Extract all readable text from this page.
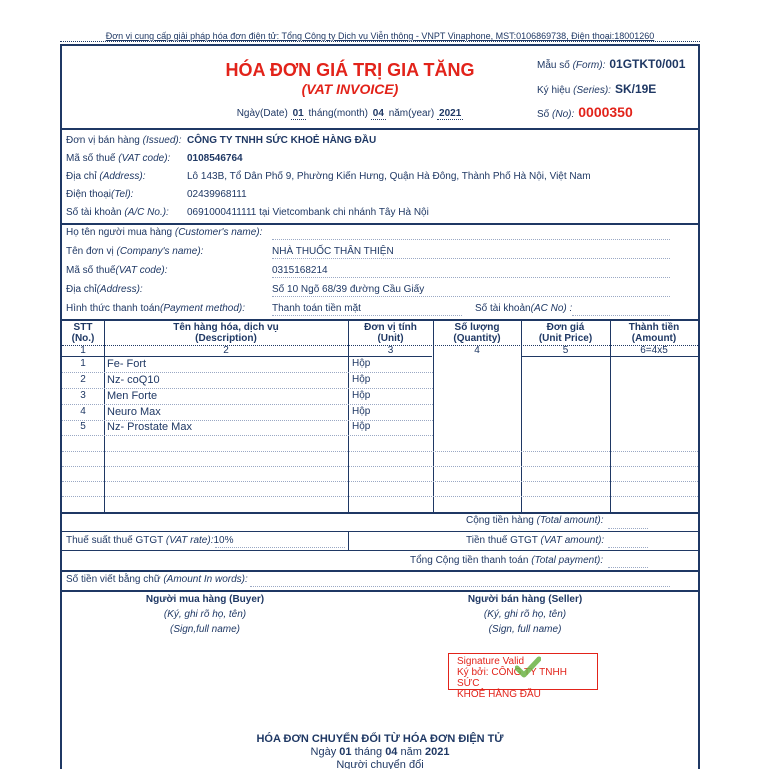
Đơn vị cung cấp giải pháp hóa đơn điện tử: Tổng Công ty Dịch vụ Viễn thông - VNPT Vinaphone, MST:0106869738, Điện thoại:18001260
HÓA ĐƠN GIÁ TRỊ GIA TĂNG
(VAT INVOICE)
Ngày(Date) 01 tháng(month) 04 năm(year) 2021
Mẫu số (Form): 01GTKT0/001
Ký hiệu (Series): SK/19E
Số (No): 0000350
Đơn vị bán hàng (Issued): CÔNG TY TNHH SỨC KHOẺ HÀNG ĐẦU
Mã số thuế (VAT code): 0108546764
Địa chỉ (Address):	Lô 143B, Tổ Dân Phố 9, Phường Kiến Hưng, Quận Hà Đông, Thành Phố Hà Nội, Việt Nam
Điện thoại(Tel):	02439968111
Số tài khoản (A/C No.): 0691000411111 tại Vietcombank chi nhánh Tây Hà Nội
Họ tên người mua hàng (Customer's name):
Tên đơn vị (Company's name):	NHÀ THUỐC THÂN THIỆN
Mã số thuế(VAT code):	0315168214
Địa chỉ(Address):	Số 10 Ngõ 68/39 đường Cầu Giấy
Hình thức thanh toán(Payment method):	Thanh toán tiền mặt	Số tài khoản(AC No) :
STT
(No.)
Tên hàng hóa, dịch vụ
(Description)
Đơn vị tính
(Unit)
Số lượng
(Quantity)
Đơn giá
(Unit Price)
Thành tiền
(Amount)
1	2	3	4	5	6=4x5
1	Fe- Fort	Hộp
2	Nz- coQ10	Hộp
3	Men Forte	Hộp
4	Neuro Max	Hộp
5	Nz- Prostate Max	Hộp
Cộng tiền hàng (Total amount):
Thuế suất thuế GTGT (VAT rate):10%	Tiền thuế GTGT (VAT amount):
Tổng Cộng tiền thanh toán (Total payment):
Số tiền viết bằng chữ (Amount In words):
Người mua hàng (Buyer)
(Ký, ghi rõ họ, tên)
(Sign,full name)
Người bán hàng (Seller)
(Ký, ghi rõ họ, tên)
(Sign, full name)
Signature Valid
Ký bởi: CÔNG TY TNHH SỨC
KHOẺ HÀNG ĐẦU
HÓA ĐƠN CHUYỂN ĐỔI TỪ HÓA ĐƠN ĐIỆN TỬ
Ngày 01 tháng 04 năm 2021
Người chuyển đổi
